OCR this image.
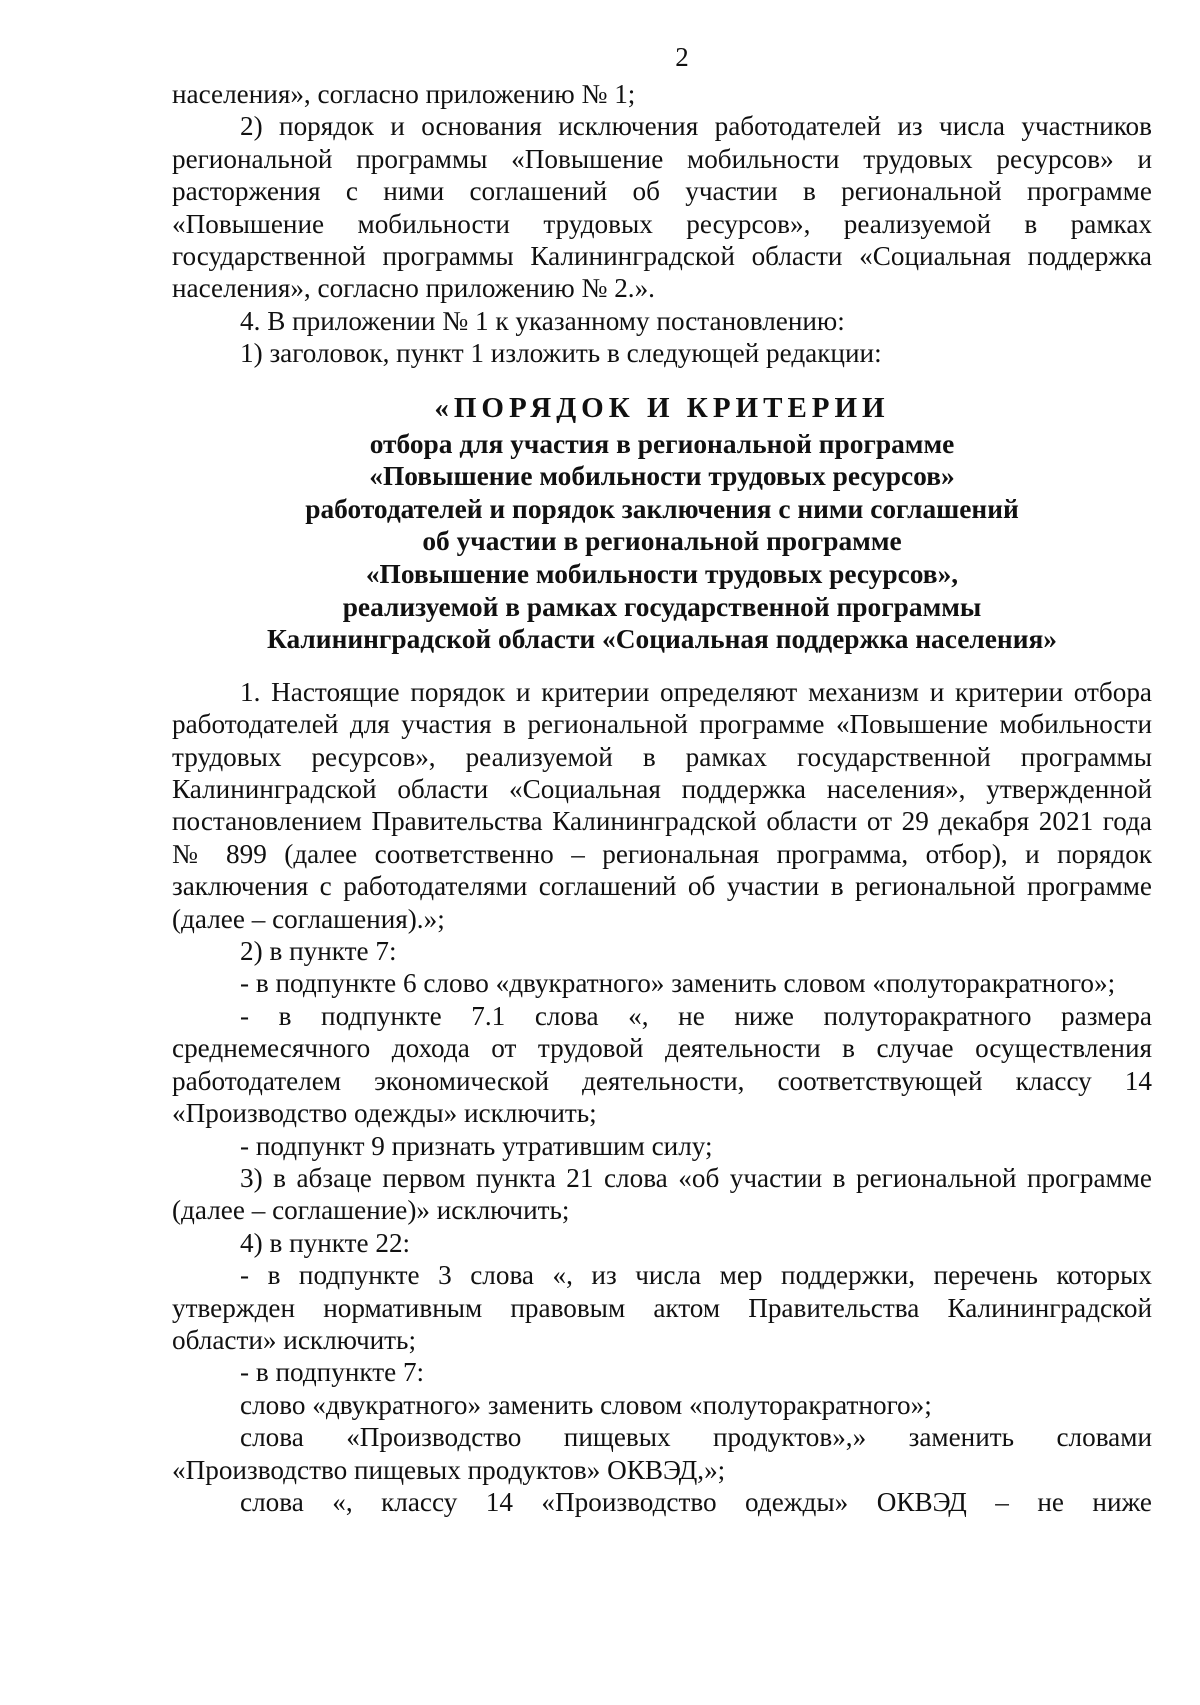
2

населения», согласно приложению № 1;

2) порядок и основания исключения работодателей из числа участников региональной программы «Повышение мобильности трудовых ресурсов» и расторжения с ними соглашений об участии в региональной программе «Повышение мобильности трудовых ресурсов», реализуемой в рамках государственной программы Калининградской области «Социальная поддержка населения», согласно приложению № 2.».

4. В приложении № 1 к указанному постановлению:

1) заголовок, пункт 1 изложить в следующей редакции:

«ПОРЯДОК И КРИТЕРИИ
отбора для участия в региональной программе
«Повышение мобильности трудовых ресурсов»
работодателей и порядок заключения с ними соглашений
об участии в региональной программе
«Повышение мобильности трудовых ресурсов»,
реализуемой в рамках государственной программы
Калининградской области «Социальная поддержка населения»

1. Настоящие порядок и критерии определяют механизм и критерии отбора работодателей для участия в региональной программе «Повышение мобильности трудовых ресурсов», реализуемой в рамках государственной программы Калининградской области «Социальная поддержка населения», утвержденной постановлением Правительства Калининградской области от 29 декабря 2021 года № 899 (далее соответственно – региональная программа, отбор), и порядок заключения с работодателями соглашений об участии в региональной программе (далее – соглашения).»;

2) в пункте 7:

- в подпункте 6 слово «двукратного» заменить словом «полуторакратного»;

- в подпункте 7.1 слова «, не ниже полуторакратного размера среднемесячного дохода от трудовой деятельности в случае осуществления работодателем экономической деятельности, соответствующей классу 14 «Производство одежды» исключить;

- подпункт 9 признать утратившим силу;

3) в абзаце первом пункта 21 слова «об участии в региональной программе (далее – соглашение)» исключить;

4) в пункте 22:

- в подпункте 3 слова «, из числа мер поддержки, перечень которых утвержден нормативным правовым актом Правительства Калининградской области» исключить;

- в подпункте 7:

слово «двукратного» заменить словом «полуторакратного»;

слова «Производство пищевых продуктов»,» заменить словами «Производство пищевых продуктов» ОКВЭД,»;

слова «, классу 14 «Производство одежды» ОКВЭД – не ниже
